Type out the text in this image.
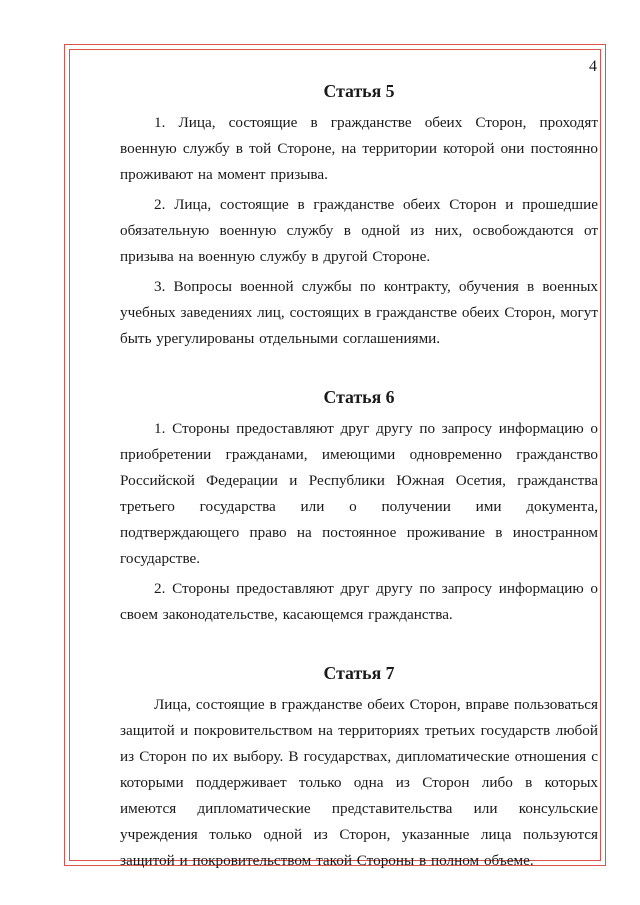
4
Статья 5

1. Лица, состоящие в гражданстве обеих Сторон, проходят военную службу в той Стороне, на территории которой они постоянно проживают на момент призыва.

2. Лица, состоящие в гражданстве обеих Сторон и прошедшие обязательную военную службу в одной из них, освобождаются от призыва на военную службу в другой Стороне.

3. Вопросы военной службы по контракту, обучения в военных учебных заведениях лиц, состоящих в гражданстве обеих Сторон, могут быть урегулированы отдельными соглашениями.

Статья 6

1. Стороны предоставляют друг другу по запросу информацию о приобретении гражданами, имеющими одновременно гражданство Российской Федерации и Республики Южная Осетия, гражданства третьего государства или о получении ими документа, подтверждающего право на постоянное проживание в иностранном государстве.

2. Стороны предоставляют друг другу по запросу информацию о своем законодательстве, касающемся гражданства.

Статья 7

Лица, состоящие в гражданстве обеих Сторон, вправе пользоваться защитой и покровительством на территориях третьих государств любой из Сторон по их выбору. В государствах, дипломатические отношения с которыми поддерживает только одна из Сторон либо в которых имеются дипломатические представительства или консульские учреждения только одной из Сторон, указанные лица пользуются защитой и покровительством такой Стороны в полном объеме.
